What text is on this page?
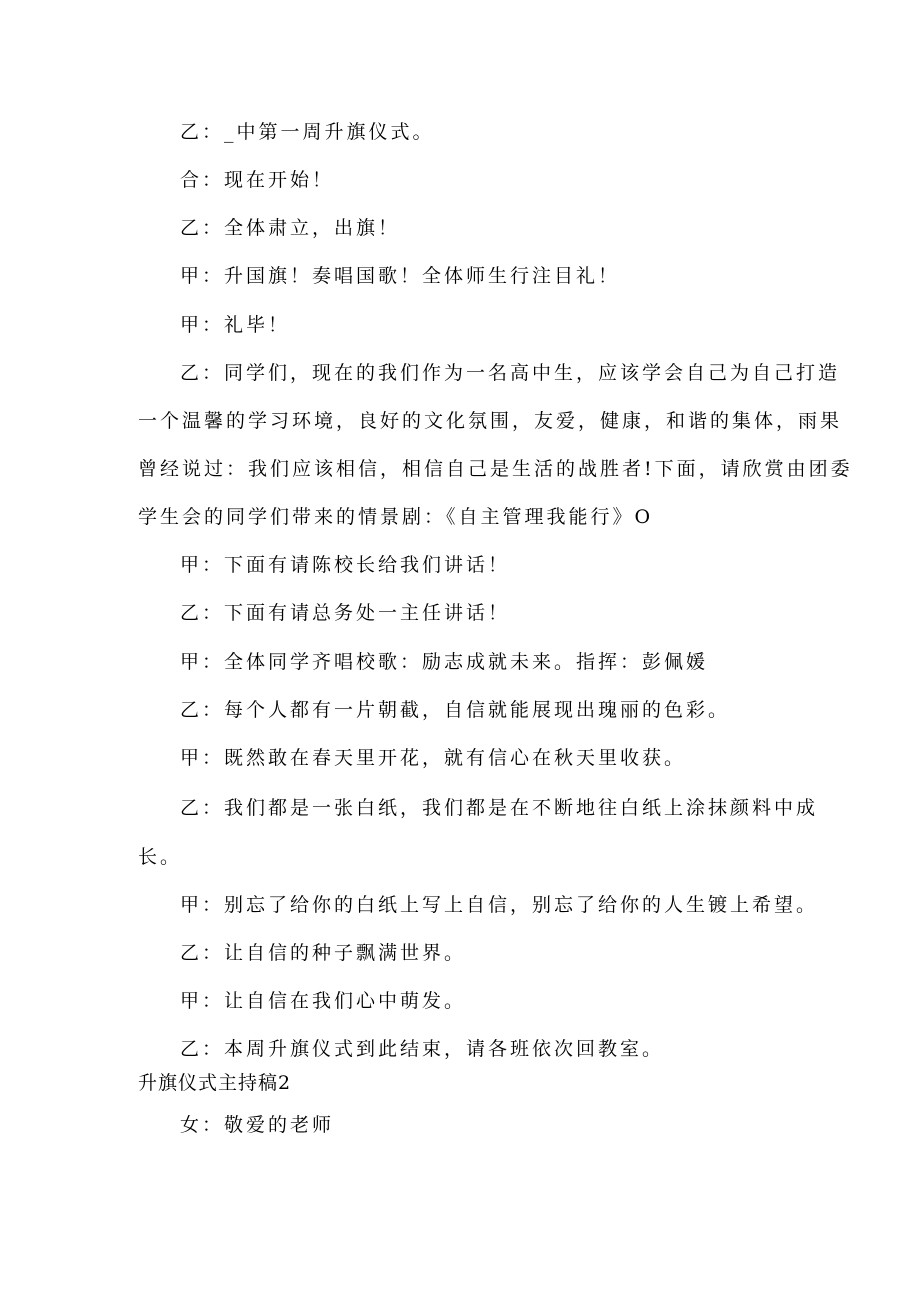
乙：_中第一周升旗仪式。

合：现在开始！

乙：全体肃立，出旗！

甲：升国旗！奏唱国歌！全体师生行注目礼！

甲：礼毕！

乙：同学们，现在的我们作为一名高中生，应该学会自己为自己打造

一个温馨的学习环境，良好的文化氛围，友爱，健康，和谐的集体，雨果

曾经说过：我们应该相信，相信自己是生活的战胜者!下面，请欣赏由团委

学生会的同学们带来的情景剧：《自主管理我能行》O

甲：下面有请陈校长给我们讲话！

乙：下面有请总务处一主任讲话！

甲：全体同学齐唱校歌：励志成就未来。指挥：彭佩媛

乙：每个人都有一片朝截，自信就能展现出瑰丽的色彩。

甲：既然敢在春天里开花，就有信心在秋天里收获。

乙：我们都是一张白纸，我们都是在不断地往白纸上涂抹颜料中成

长。

甲：别忘了给你的白纸上写上自信，别忘了给你的人生镀上希望。

乙：让自信的种子飘满世界。

甲：让自信在我们心中萌发。

乙：本周升旗仪式到此结束，请各班依次回教室。

升旗仪式主持稿2

女：敬爱的老师
